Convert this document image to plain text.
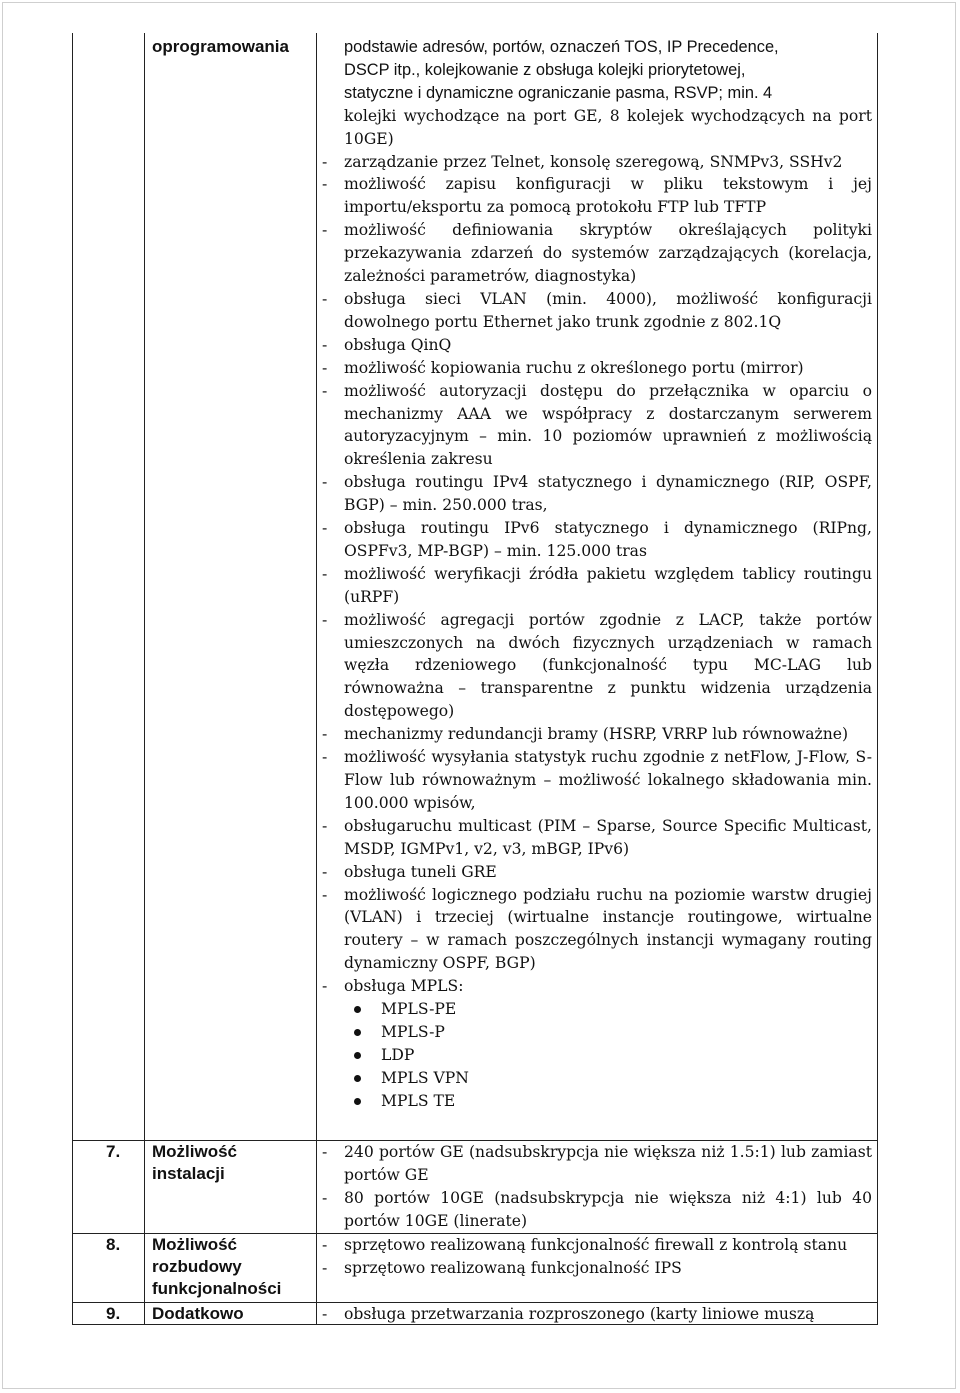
oprogramowania
7. Możliwość
instalacji
8. Możliwość
rozbudowy
funkcjonalności
9. Dodatkowo
podstawie adresów, portów, oznaczeń TOS, IP Precedence,
DSCP itp., kolejkowanie z obsługa kolejki priorytetowej,
statyczne i dynamiczne ograniczanie pasma, RSVP; min. 4
kolejki wychodzące na port GE, 8 kolejek wychodzących na port 10GE)
- zarządzanie przez Telnet, konsolę szeregową, SNMPv3, SSHv2
- możliwość zapisu konfiguracji w pliku tekstowym i jej importu/eksportu za pomocą protokołu FTP lub TFTP
- możliwość definiowania skryptów określających polityki przekazywania zdarzeń do systemów zarządzających (korelacja, zależności parametrów, diagnostyka)
- obsługa sieci VLAN (min. 4000), możliwość konfiguracji dowolnego portu Ethernet jako trunk zgodnie z 802.1Q
- obsługa QinQ
- możliwość kopiowania ruchu z określonego portu (mirror)
- możliwość autoryzacji dostępu do przełącznika w oparciu o mechanizmy AAA we współpracy z dostarczanym serwerem autoryzacyjnym – min. 10 poziomów uprawnień z możliwością określenia zakresu
- obsługa routingu IPv4 statycznego i dynamicznego (RIP, OSPF, BGP) – min. 250.000 tras,
- obsługa routingu IPv6 statycznego i dynamicznego (RIPng, OSPFv3, MP-BGP) – min. 125.000 tras
- możliwość weryfikacji źródła pakietu względem tablicy routingu (uRPF)
- możliwość agregacji portów zgodnie z LACP, także portów umieszczonych na dwóch fizycznych urządzeniach w ramach węzła rdzeniowego (funkcjonalność typu MC-LAG lub równoważna – transparentne z punktu widzenia urządzenia dostępowego)
- mechanizmy redundancji bramy (HSRP, VRRP lub równoważne)
- możliwość wysyłania statystyk ruchu zgodnie z netFlow, J-Flow, S-Flow lub równoważnym – możliwość lokalnego składowania min. 100.000 wpisów,
- obsługaruchu multicast (PIM – Sparse, Source Specific Multicast, MSDP, IGMPv1, v2, v3, mBGP, IPv6)
- obsługa tuneli GRE
- możliwość logicznego podziału ruchu na poziomie warstw drugiej (VLAN) i trzeciej (wirtualne instancje routingowe, wirtualne routery – w ramach poszczególnych instancji wymagany routing dynamiczny OSPF, BGP)
- obsługa MPLS:
MPLS-PE
MPLS-P
LDP
MPLS VPN
MPLS TE
- 240 portów GE (nadsubskrypcja nie większa niż 1.5:1) lub zamiast portów GE
- 80 portów 10GE (nadsubskrypcja nie większa niż 4:1) lub 40 portów 10GE (linerate)
- sprzętowo realizowaną funkcjonalność firewall z kontrolą stanu
- sprzętowo realizowaną funkcjonalność IPS
- obsługa przetwarzania rozproszonego (karty liniowe muszą
